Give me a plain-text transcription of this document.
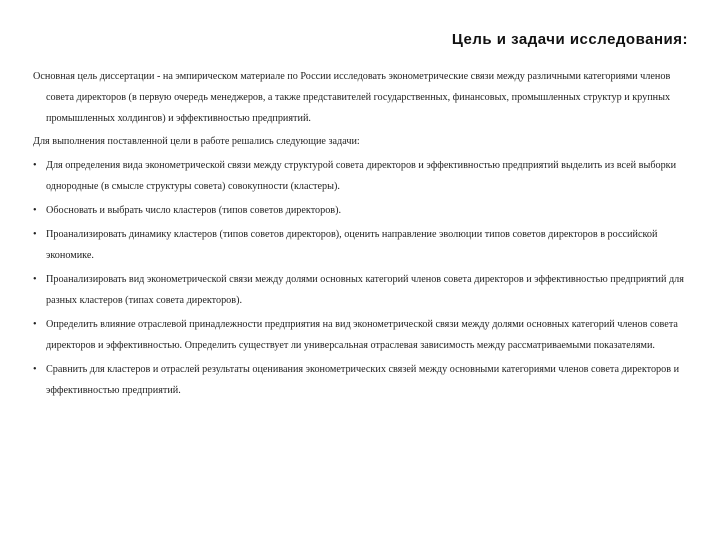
Цель и задачи исследования:

Основная цель диссертации - на эмпирическом материале по России исследовать эконометрические связи между различными категориями членов совета директоров (в первую очередь менеджеров, а также представителей государственных, финансовых, промышленных структур и крупных промышленных холдингов) и эффективностью предприятий.

Для выполнения поставленной цели в работе решались следующие задачи:

• Для определения вида эконометрической связи между структурой совета директоров и эффективностью предприятий выделить из всей выборки однородные (в смысле структуры совета) совокупности (кластеры).
• Обосновать и выбрать число кластеров (типов советов директоров).
• Проанализировать динамику кластеров (типов советов директоров), оценить направление эволюции типов советов директоров в российской экономике.
• Проанализировать вид эконометрической связи между долями основных категорий членов совета директоров и эффективностью предприятий для разных кластеров (типах совета директоров).
• Определить влияние отраслевой принадлежности предприятия на вид эконометрической связи между долями основных категорий членов совета директоров и эффективностью. Определить существует ли универсальная отраслевая зависимость между рассматриваемыми показателями.
• Сравнить для кластеров и отраслей результаты оценивания эконометрических связей между основными категориями членов совета директоров и эффективностью предприятий.
